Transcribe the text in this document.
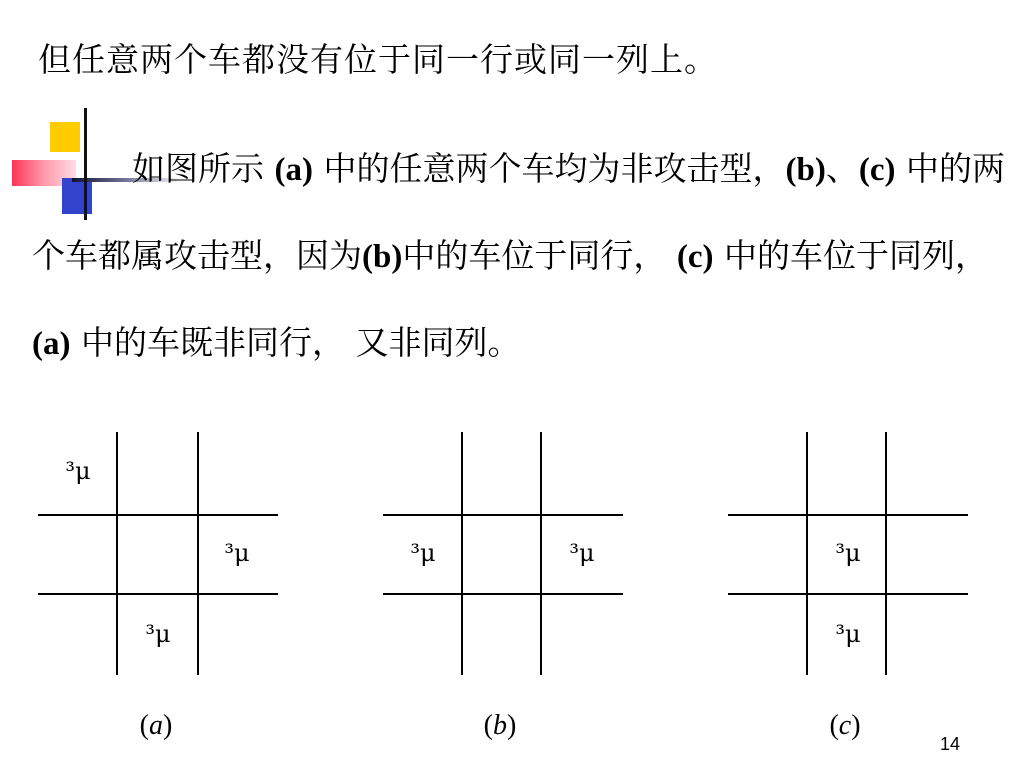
但任意两个车都没有位于同一行或同一列上。

如图所示 (a) 中的任意两个车均为非攻击型，(b)、(c) 中的两个车都属攻击型，因为(b)中的车位于同行， (c) 中的车位于同列，(a) 中的车既非同行， 又非同列。

³μ
³μ
³μ
³μ	³μ	³μ
³μ
(a)	(b)	(c)
14
